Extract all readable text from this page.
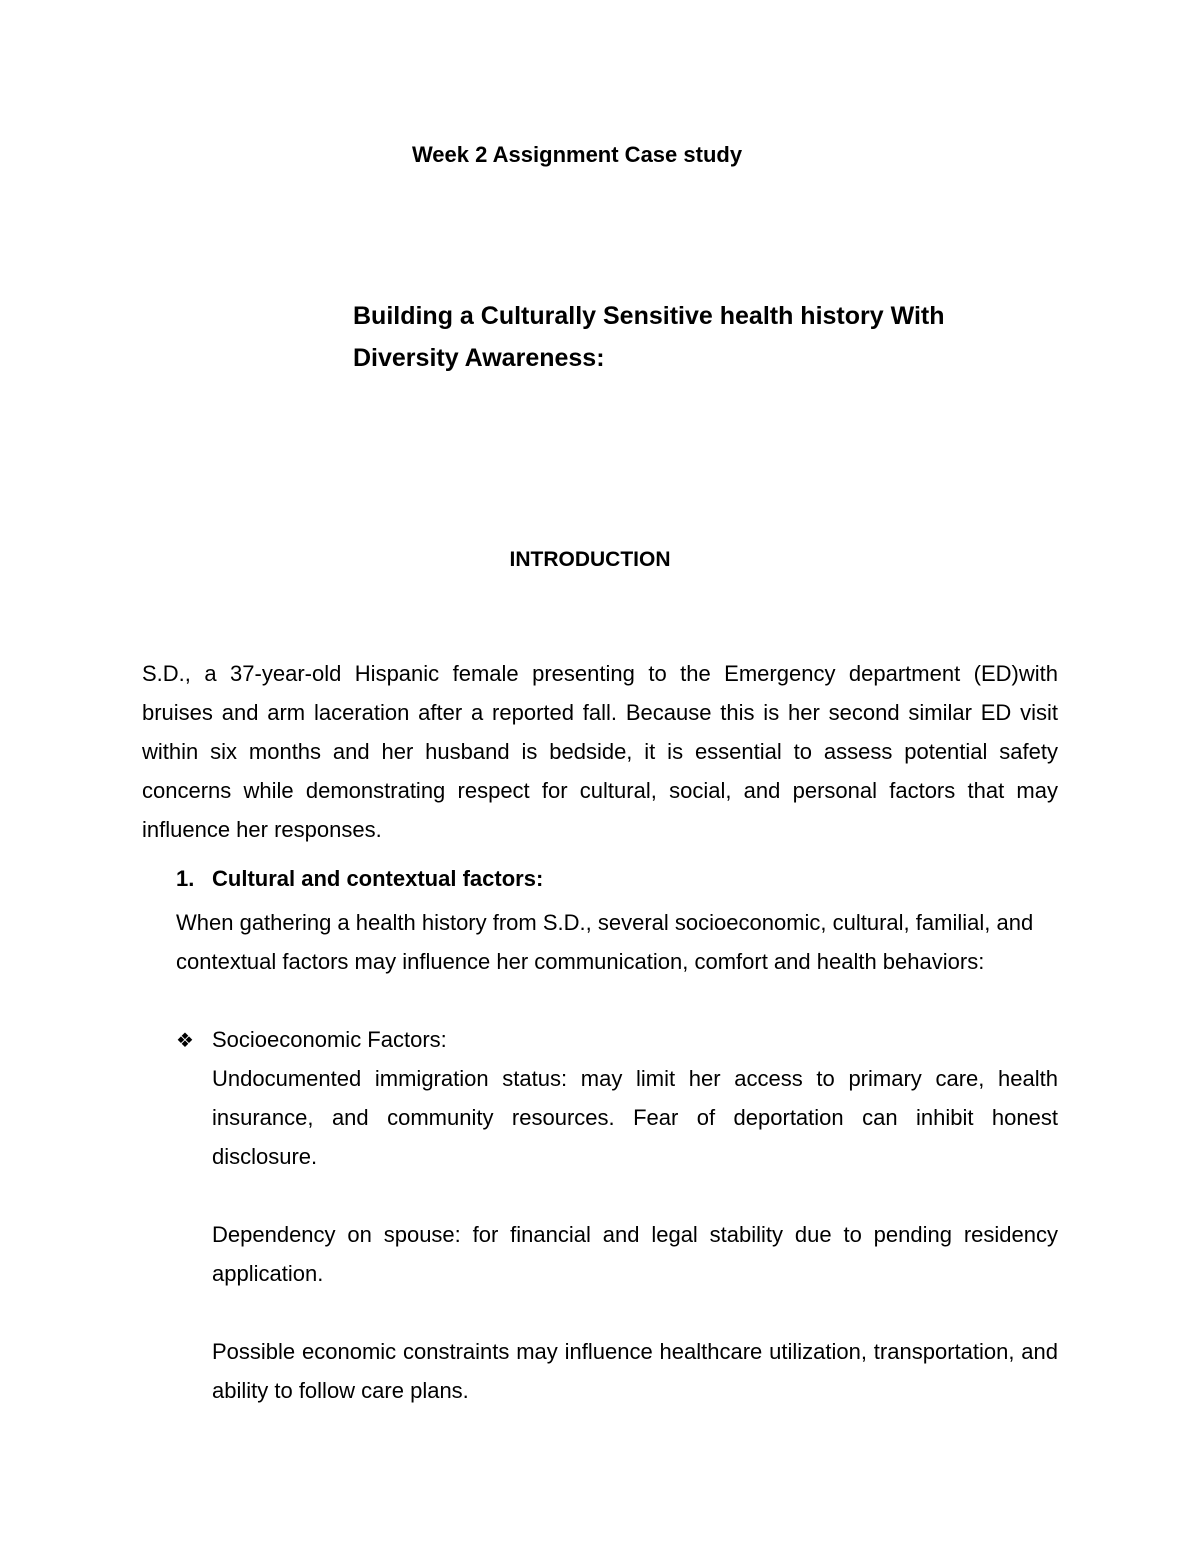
Week 2 Assignment Case study
Building a Culturally Sensitive health history With
Diversity Awareness:
INTRODUCTION
S.D., a 37-year-old Hispanic female presenting to the Emergency department (ED)with bruises and arm laceration after a reported fall. Because this is her second similar ED visit within six months and her husband is bedside, it is essential to assess potential safety concerns while demonstrating respect for cultural, social, and personal factors that may influence her responses.
1. Cultural and contextual factors:
When gathering a health history from S.D., several socioeconomic, cultural, familial, and contextual factors may influence her communication, comfort and health behaviors:
❖ Socioeconomic Factors:
Undocumented immigration status: may limit her access to primary care, health insurance, and community resources. Fear of deportation can inhibit honest disclosure.
Dependency on spouse: for financial and legal stability due to pending residency application.
Possible economic constraints may influence healthcare utilization, transportation, and ability to follow care plans.
